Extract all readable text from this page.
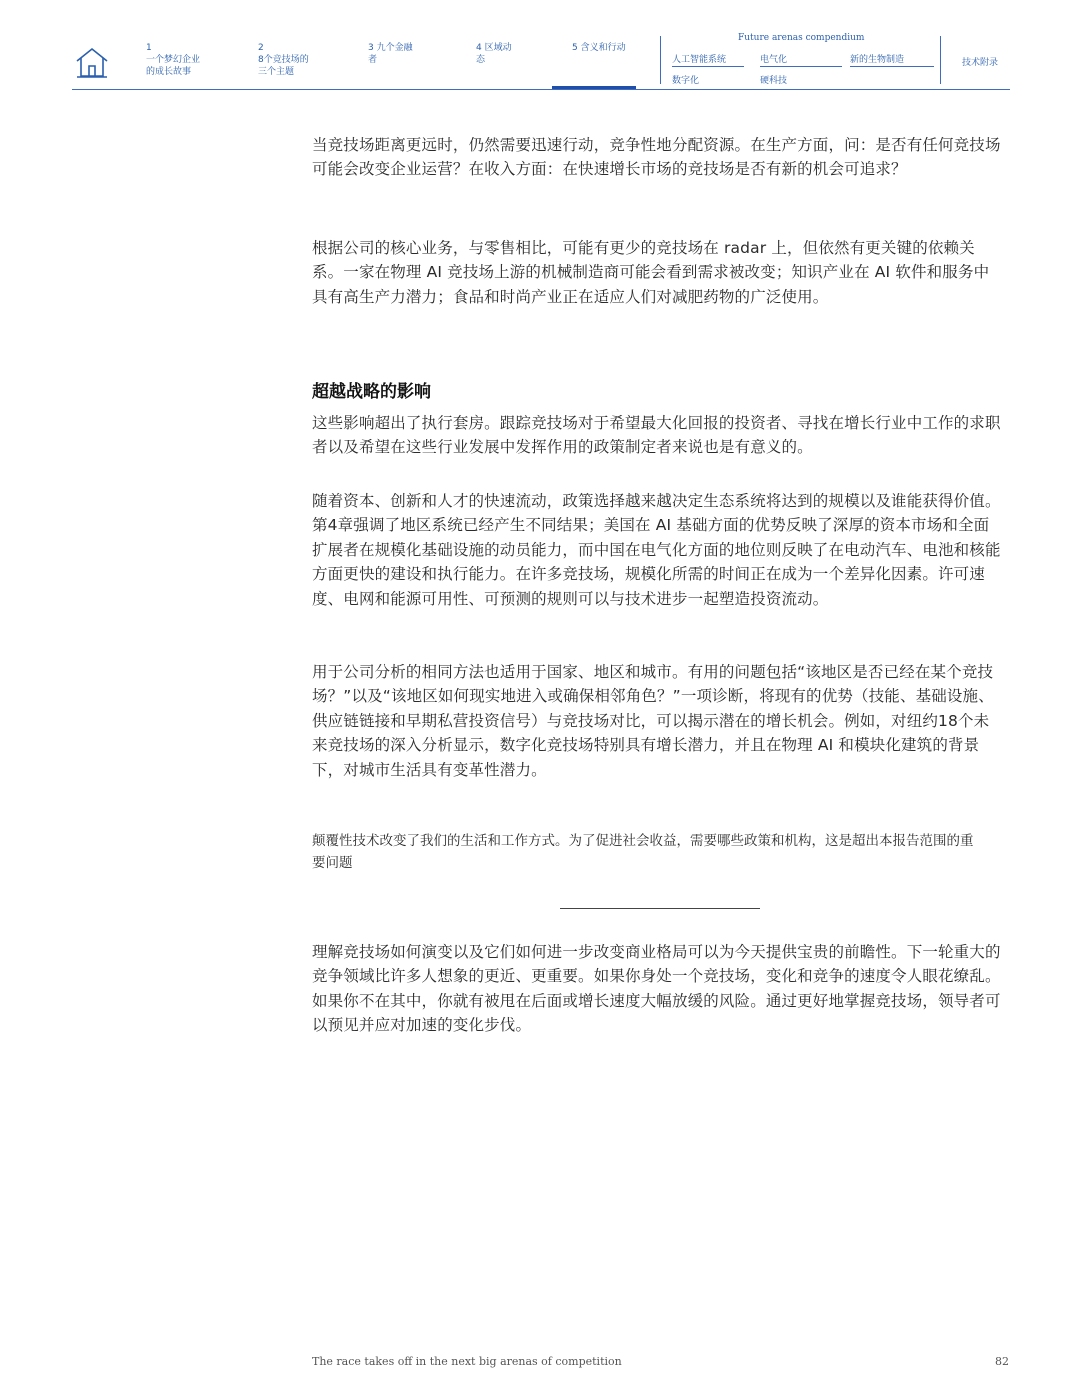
1
一个梦幻企业的成长故事
2
8个竞技场的三个主题
3 九个金融者
4 区域动态
5 含义和行动
Future arenas compendium
人工智能系统	电气化	新的生物制造
数字化	硬科技
技术附录

当竞技场距离更远时，仍然需要迅速行动，竞争性地分配资源。在生产方面，问：是否有任何竞技场可能会改变企业运营？在收入方面：在快速增长市场的竞技场是否有新的机会可追求？

根据公司的核心业务，与零售相比，可能有更少的竞技场在 radar 上，但依然有更关键的依赖关系。一家在物理 AI 竞技场上游的机械制造商可能会看到需求被改变；知识产业在 AI 软件和服务中具有高生产力潜力；食品和时尚产业正在适应人们对减肥药物的广泛使用。

超越战略的影响

这些影响超出了执行套房。跟踪竞技场对于希望最大化回报的投资者、寻找在增长行业中工作的求职者以及希望在这些行业发展中发挥作用的政策制定者来说也是有意义的。

随着资本、创新和人才的快速流动，政策选择越来越决定生态系统将达到的规模以及谁能获得价值。第4章强调了地区系统已经产生不同结果；美国在 AI 基础方面的优势反映了深厚的资本市场和全面扩展者在规模化基础设施的动员能力，而中国在电气化方面的地位则反映了在电动汽车、电池和核能方面更快的建设和执行能力。在许多竞技场，规模化所需的时间正在成为一个差异化因素。许可速度、电网和能源可用性、可预测的规则可以与技术进步一起塑造投资流动。

用于公司分析的相同方法也适用于国家、地区和城市。有用的问题包括“该地区是否已经在某个竞技场？”以及“该地区如何现实地进入或确保相邻角色？”一项诊断，将现有的优势（技能、基础设施、供应链链接和早期私营投资信号）与竞技场对比，可以揭示潜在的增长机会。例如，对纽约18个未来竞技场的深入分析显示，数字化竞技场特别具有增长潜力，并且在物理 AI 和模块化建筑的背景下，对城市生活具有变革性潜力。

颠覆性技术改变了我们的生活和工作方式。为了促进社会收益，需要哪些政策和机构，这是超出本报告范围的重要问题

理解竞技场如何演变以及它们如何进一步改变商业格局可以为今天提供宝贵的前瞻性。下一轮重大的竞争领域比许多人想象的更近、更重要。如果你身处一个竞技场，变化和竞争的速度令人眼花缭乱。如果你不在其中，你就有被甩在后面或增长速度大幅放缓的风险。通过更好地掌握竞技场，领导者可以预见并应对加速的变化步伐。

The race takes off in the next big arenas of competition	82
